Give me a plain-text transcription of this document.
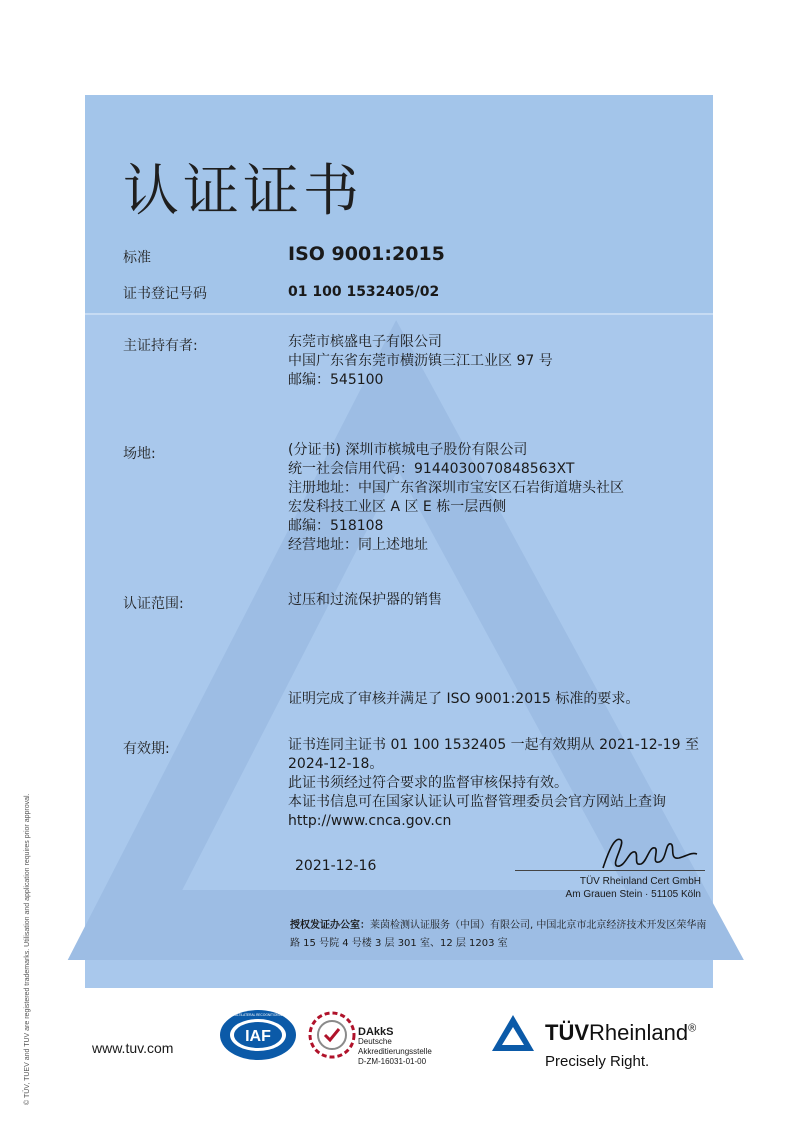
© TÜV, TUEV and TUV are registered trademarks. Utilisation and application requires prior approval.
认证证书
标准	ISO 9001:2015
证书登记号码	01 100 1532405/02
主证持有者:	东莞市槟盛电子有限公司
中国广东省东莞市横沥镇三江工业区 97 号
邮编：545100
场地:	(分证书) 深圳市槟城电子股份有限公司
统一社会信用代码：9144030070848563XT
注册地址：中国广东省深圳市宝安区石岩街道塘头社区
宏发科技工业区 A 区 E 栋一层西侧
邮编：518108
经营地址：同上述地址
认证范围:	过压和过流保护器的销售
证明完成了审核并满足了 ISO 9001:2015 标准的要求。
有效期:	证书连同主证书 01 100 1532405 一起有效期从 2021-12-19 至
2024-12-18。
此证书须经过符合要求的监督审核保持有效。
本证书信息可在国家认证认可监督管理委员会官方网站上查询
http://www.cnca.gov.cn
2021-12-16
TÜV Rheinland Cert GmbH
Am Grauen Stein · 51105 Köln
授权发证办公室：莱茵检测认证服务（中国）有限公司, 中国北京市北京经济技术开发区荣华南路 15 号院 4 号楼 3 层 301 室、12 层 1203 室
www.tuv.com
IAF
MEMBER OF MULTILATERAL RECOGNITION ARRANGEMENT
DAkkS
Deutsche
Akkreditierungsstelle
D-ZM-16031-01-00
TÜVRheinland®
Precisely Right.
